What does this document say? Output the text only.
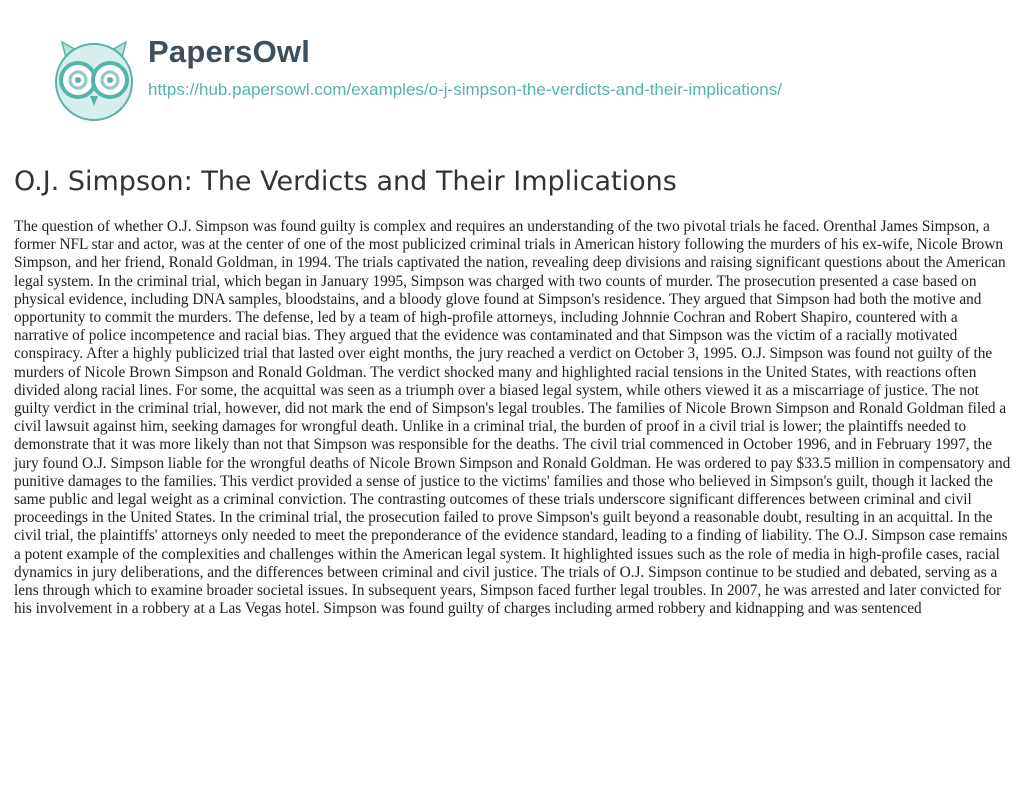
PapersOwl
https://hub.papersowl.com/examples/o-j-simpson-the-verdicts-and-their-implications/
O.J. Simpson: The Verdicts and Their Implications

The question of whether O.J. Simpson was found guilty is complex and requires an understanding of the two pivotal trials he faced. Orenthal James Simpson, a former NFL star and actor, was at the center of one of the most publicized criminal trials in American history following the murders of his ex-wife, Nicole Brown Simpson, and her friend, Ronald Goldman, in 1994. The trials captivated the nation, revealing deep divisions and raising significant questions about the American legal system. In the criminal trial, which began in January 1995, Simpson was charged with two counts of murder. The prosecution presented a case based on physical evidence, including DNA samples, bloodstains, and a bloody glove found at Simpson's residence. They argued that Simpson had both the motive and opportunity to commit the murders. The defense, led by a team of high-profile attorneys, including Johnnie Cochran and Robert Shapiro, countered with a narrative of police incompetence and racial bias. They argued that the evidence was contaminated and that Simpson was the victim of a racially motivated conspiracy. After a highly publicized trial that lasted over eight months, the jury reached a verdict on October 3, 1995. O.J. Simpson was found not guilty of the murders of Nicole Brown Simpson and Ronald Goldman. The verdict shocked many and highlighted racial tensions in the United States, with reactions often divided along racial lines. For some, the acquittal was seen as a triumph over a biased legal system, while others viewed it as a miscarriage of justice. The not guilty verdict in the criminal trial, however, did not mark the end of Simpson's legal troubles. The families of Nicole Brown Simpson and Ronald Goldman filed a civil lawsuit against him, seeking damages for wrongful death. Unlike in a criminal trial, the burden of proof in a civil trial is lower; the plaintiffs needed to demonstrate that it was more likely than not that Simpson was responsible for the deaths. The civil trial commenced in October 1996, and in February 1997, the jury found O.J. Simpson liable for the wrongful deaths of Nicole Brown Simpson and Ronald Goldman. He was ordered to pay $33.5 million in compensatory and punitive damages to the families. This verdict provided a sense of justice to the victims' families and those who believed in Simpson's guilt, though it lacked the same public and legal weight as a criminal conviction. The contrasting outcomes of these trials underscore significant differences between criminal and civil proceedings in the United States. In the criminal trial, the prosecution failed to prove Simpson's guilt beyond a reasonable doubt, resulting in an acquittal. In the civil trial, the plaintiffs' attorneys only needed to meet the preponderance of the evidence standard, leading to a finding of liability. The O.J. Simpson case remains a potent example of the complexities and challenges within the American legal system. It highlighted issues such as the role of media in high-profile cases, racial dynamics in jury deliberations, and the differences between criminal and civil justice. The trials of O.J. Simpson continue to be studied and debated, serving as a lens through which to examine broader societal issues. In subsequent years, Simpson faced further legal troubles. In 2007, he was arrested and later convicted for his involvement in a robbery at a Las Vegas hotel. Simpson was found guilty of charges including armed robbery and kidnapping and was sentenced
